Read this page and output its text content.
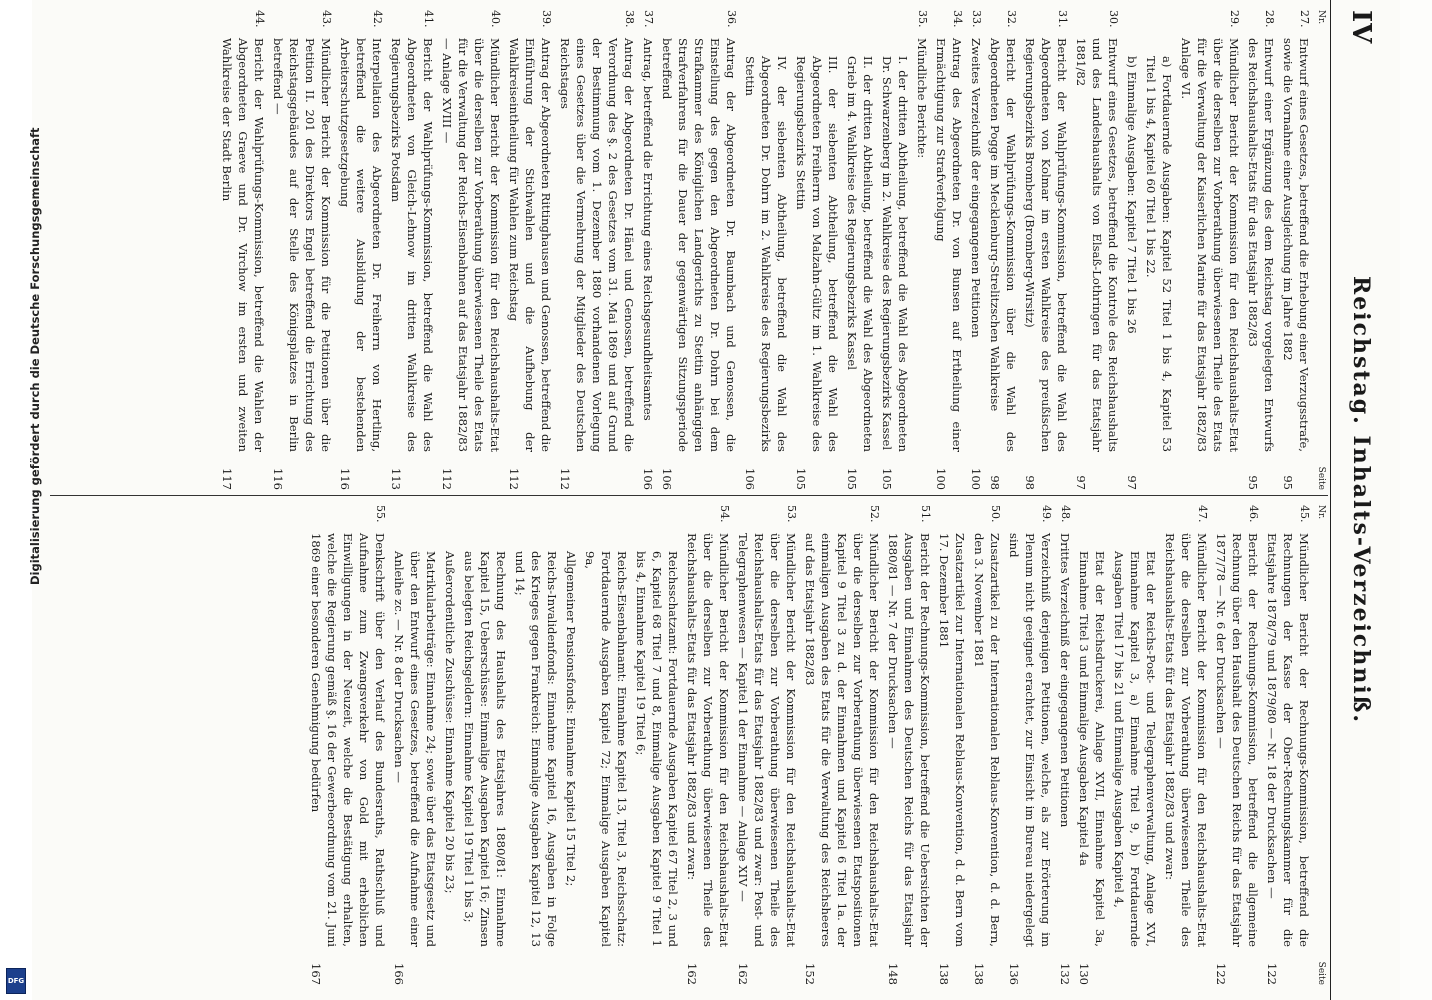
IV
Reichstag. Inhalts-Verzeichniß.
Nr.
Seite
27.
Entwurf eines Gesetzes, betreffend die Erhebung einer Verzugsstrafe, sowie die Vornahme einer Ausgleichung im Jahre 1882
95
28.
Entwurf einer Ergänzung des dem Reichstag vorgelegten Entwurfs des Reichshaushalts-Etats für das Etatsjahr 1882/83
95
29.
Mündlicher Bericht der Kommission für den Reichshaushalts-Etat über die derselben zur Vorberathung überwiesenen Theile des Etats für die Verwaltung der Kaiserlichen Marine für das Etatsjahr 1882/83 Anlage VI.
a) Fortdauernde Ausgaben: Kapitel 52 Titel 1 bis 4, Kapitel 53 Titel 1 bis 4, Kapitel 60 Titel 1 bis 22.
b) Einmalige Ausgaben: Kapitel 7 Titel 1 bis 26
97
30.
Entwurf eines Gesetzes, betreffend die Kontrole des Reichshaushalts und des Landeshaushalts von Elsaß-Lothringen für das Etatsjahr 1881/82
97
31.
Bericht der Wahlprüfungs-Kommission, betreffend die Wahl des Abgeordneten von Kolmar im ersten Wahlkreise des preußischen Regierungsbezirks Bromberg (Bromberg-Wirsitz)
98
32.
Bericht der Wahlprüfungs-Kommission über die Wahl des Abgeordneten Pogge im Mecklenburg-Strelitzschen Wahlkreise
98
33.
Zweites Verzeichniß der eingegangenen Petitionen
100
34.
Antrag des Abgeordneten Dr. von Bunsen auf Ertheilung einer Ermächtigung zur Strafverfolgung
100
35.
Mündliche Berichte:
I. der dritten Abtheilung, betreffend die Wahl des Abgeordneten Dr. Schwarzenberg im 2. Wahlkreise des Regierungsbezirks Kassel
105
II. der dritten Abtheilung, betreffend die Wahl des Abgeordneten Grieb im 4. Wahlkreise des Regierungsbezirks Kassel
105
III. der siebenten Abtheilung, betreffend die Wahl des Abgeordneten Freiherrn von Malzahn-Gültz im 1. Wahlkreise des Regierungsbezirks Stettin
105
IV. der siebenten Abtheilung, betreffend die Wahl des Abgeordneten Dr. Dohrn im 2. Wahlkreise des Regierungsbezirks Stettin
106
36.
Antrag der Abgeordneten Dr. Baumbach und Genossen, die Einstellung des gegen den Abgeordneten Dr. Dohrn bei dem Strafkammer des Königlichen Landgerichts zu Stettin anhängigen Strafverfahrens für die Dauer der gegenwärtigen Sitzungsperiode betreffend
106
37.
Antrag, betreffend die Errichtung eines Reichsgesundheitsamtes
106
38.
Antrag der Abgeordneten Dr. Hänel und Genossen, betreffend die Verordnung des §. 2 des Gesetzes vom 31. Mai 1869 und auf Grund der Bestimmung vom 1. Dezember 1880 vorhandenen Vorlegung eines Gesetzes über die Vermehrung der Mitglieder des Deutschen Reichstages
112
39.
Antrag der Abgeordneten Rittinghausen und Genossen, betreffend die Einführung der Stichwahlen und die Aufhebung der Wahlkreiseintheilung für Wahlen zum Reichstag
112
40.
Mündlicher Bericht der Kommission für den Reichshaushalts-Etat über die derselben zur Vorberathung überwiesenen Theile des Etats für die Verwaltung der Reichs-Eisenbahnen auf das Etatsjahr 1882/83 — Anlage XVIII —
112
41.
Bericht der Wahlprüfungs-Kommission, betreffend die Wahl des Abgeordneten von Gleich-Lehnow im dritten Wahlkreise des Regierungsbezirks Potsdam
113
42.
Interpellation des Abgeordneten Dr. Freiherrn von Hertling, betreffend die weitere Ausbildung der bestehenden Arbeiterschutzgesetzgebung
116
43.
Mündlicher Bericht der Kommission für die Petitionen über die Petition II. 201 des Direktors Engel betreffend die Errichtung des Reichstagsgebäudes auf der Stelle des Königsplatzes in Berlin betreffend —
116
44.
Bericht der Wahlprüfungs-Kommission, betreffend die Wahlen der Abgeordneten Graeve und Dr. Virchow im ersten und zweiten Wahlkreise der Stadt Berlin
117
Nr.
Seite
45.
Mündlicher Bericht der Rechnungs-Kommission, betreffend die Rechnungen der Kasse der Ober-Rechnungskammer für die Etatsjahre 1878/79 und 1879/80 — Nr. 18 der Drucksachen —
122
46.
Bericht der Rechnungs-Kommission, betreffend die allgemeine Rechnung über den Haushalt des Deutschen Reichs für das Etatsjahr 1877/78 — Nr. 6 der Drucksachen —
122
47.
Mündlicher Bericht der Kommission für den Reichshaushalts-Etat über die derselben zur Vorberathung überwiesenen Theile des Reichshaushalts-Etats für das Etatsjahr 1882/83 und zwar:
Etat der Reichs-Post- und Telegraphenverwaltung, Anlage XVI, Einnahme Kapitel 3, a) Einnahme Titel 9, b) Fortdauernde Ausgaben Titel 17 bis 21 und Einmalige Ausgaben Kapitel 4,
Etat der Reichsdruckerei, Anlage XVII, Einnahme Kapitel 3a, Einnahme Titel 3 und Einmalige Ausgaben Kapitel 4a
130
48.
Drittes Verzeichniß der eingegangenen Petitionen
132
49.
Verzeichniß derjenigen Petitionen, welche, als zur Erörterung im Plenum nicht geeignet erachtet, zur Einsicht im Bureau niedergelegt sind
136
50.
Zusatzartikel zu der Internationalen Reblaus-Konvention, d. d. Bern, den 3. November 1881
138
Zusatzartikel zur Internationalen Reblaus-Konvention, d. d. Bern vom 17. Dezember 1881
138
51.
Bericht der Rechnungs-Kommission, betreffend die Uebersichten der Ausgaben und Einnahmen des Deutschen Reichs für das Etatsjahr 1880/81 — Nr. 7 der Drucksachen —
148
52.
Mündlicher Bericht der Kommission für den Reichshaushalts-Etat über die derselben zur Vorberathung überwiesenen Etatspositionen Kapitel 9 Titel 3 zu d. der Einnahmen und Kapitel 6 Titel 1a. der einmaligen Ausgaben des Etats für die Verwaltung des Reichsheeres auf das Etatsjahr 1882/83
152
53.
Mündlicher Bericht der Kommission für den Reichshaushalts-Etat über die derselben zur Vorberathung überwiesenen Theile des Reichshaushalts-Etats für das Etatsjahr 1882/83 und zwar: Post- und Telegraphenwesen — Kapitel 1 der Einnahme — Anlage XIV —
162
54.
Mündlicher Bericht der Kommission für den Reichshaushalts-Etat über die derselben zur Vorberathung überwiesenen Theile des Reichshaushalts-Etats für das Etatsjahr 1882/83 und zwar:
162
Reichsschatzamt: Fortdauernde Ausgaben Kapitel 67 Titel 2, 3 und 6, Kapitel 68 Titel 7 und 8, Einmalige Ausgaben Kapitel 9 Titel 1 bis 4, Einnahme Kapitel 19 Titel 6;
Reichs-Eisenbahnamt: Einnahme Kapitel 13, Titel 3, Reichsschatz: Fortdauernde Ausgaben Kapitel 72; Einmalige Ausgaben Kapitel 9a,
Allgemeiner Pensionsfonds: Einnahme Kapitel 15 Titel 2;
Reichs-Invalidenfonds: Einnahme Kapitel 16, Ausgaben in Folge des Krieges gegen Frankreich: Einmalige Ausgaben Kapitel 12, 13 und 14;
Rechnung des Haushalts des Etatsjahres 1880/81: Einnahme Kapitel 15, Ueberschüsse: Einmalige Ausgaben Kapitel 16; Zinsen aus belegten Reichsgeldern: Einnahme Kapitel 19 Titel 1 bis 3;
Außerordentliche Zuschüsse: Einnahme Kapitel 20 bis 23;
Matrikularbeiträge: Einnahme 24; sowie über das Etatsgesetz und über den Entwurf eines Gesetzes, betreffend die Aufnahme einer Anleihe zc. — Nr. 8 der Drucksachen —
166
55.
Denkschrift über den Verlauf des Bundesraths, Rathschluß und Aufnahme zum Zwangsverkehr von Gold mit erheblichen Einwilligungen in der Neuzeit, welche die Bestätigung erhalten, welche die Regierung gemäß §. 16 der Gewerbeordnung vom 21. Juni 1869 einer besonderen Genehmigung bedürfen
167
Digitalisierung gefördert durch die Deutsche Forschungsgemeinschaft
DFG
